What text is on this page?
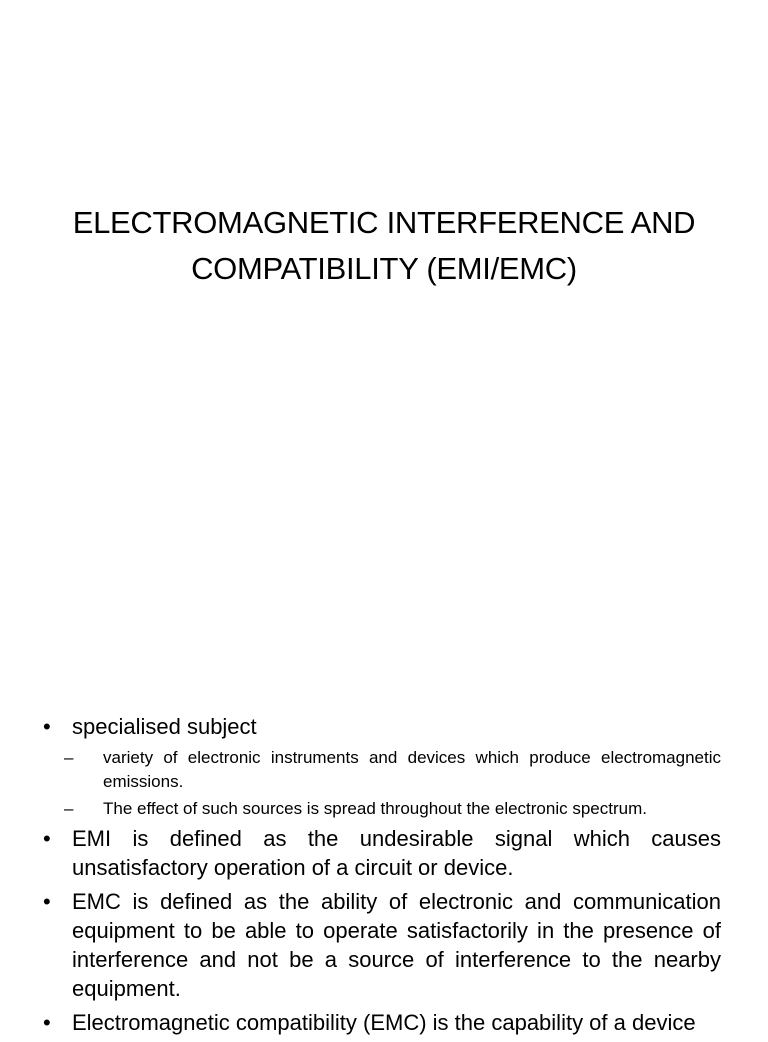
ELECTROMAGNETIC INTERFERENCE AND COMPATIBILITY (EMI/EMC)
• specialised subject
– variety of electronic instruments and devices which produce electromagnetic emissions.
– The effect of such sources is spread throughout the electronic spectrum.
• EMI is defined as the undesirable signal which causes unsatisfactory operation of a circuit or device.
• EMC is defined as the ability of electronic and communication equipment to be able to operate satisfactorily in the presence of interference and not be a source of interference to the nearby equipment.
• Electromagnetic compatibility (EMC) is the capability of a device
